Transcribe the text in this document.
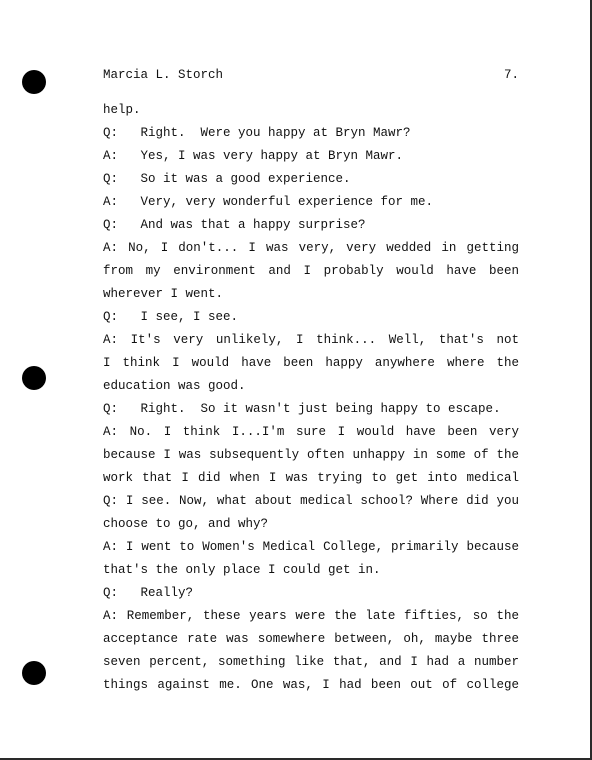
Marcia L. Storch	7.
help.
Q:   Right.  Were you happy at Bryn Mawr?
A:   Yes, I was very happy at Bryn Mawr.
Q:   So it was a good experience.
A:   Very, very wonderful experience for me.
Q:   And was that a happy surprise?
A: No, I don't... I was very, very wedded in getting
from my environment and I probably would have been
wherever I went.
Q:   I see, I see.
A: It's very unlikely, I think... Well, that's not
I think I would have been happy anywhere where the
education was good.
Q:   Right.  So it wasn't just being happy to escape.
A: No. I think I...I'm sure I would have been very
because I was subsequently often unhappy in some of the
work that I did when I was trying to get into medical
Q: I see. Now, what about medical school? Where did you
choose to go, and why?
A: I went to Women's Medical College, primarily because
that's the only place I could get in.
Q:   Really?
A: Remember, these years were the late fifties, so the
acceptance rate was somewhere between, oh, maybe three
seven percent, something like that, and I had a number
things against me. One was, I had been out of college
